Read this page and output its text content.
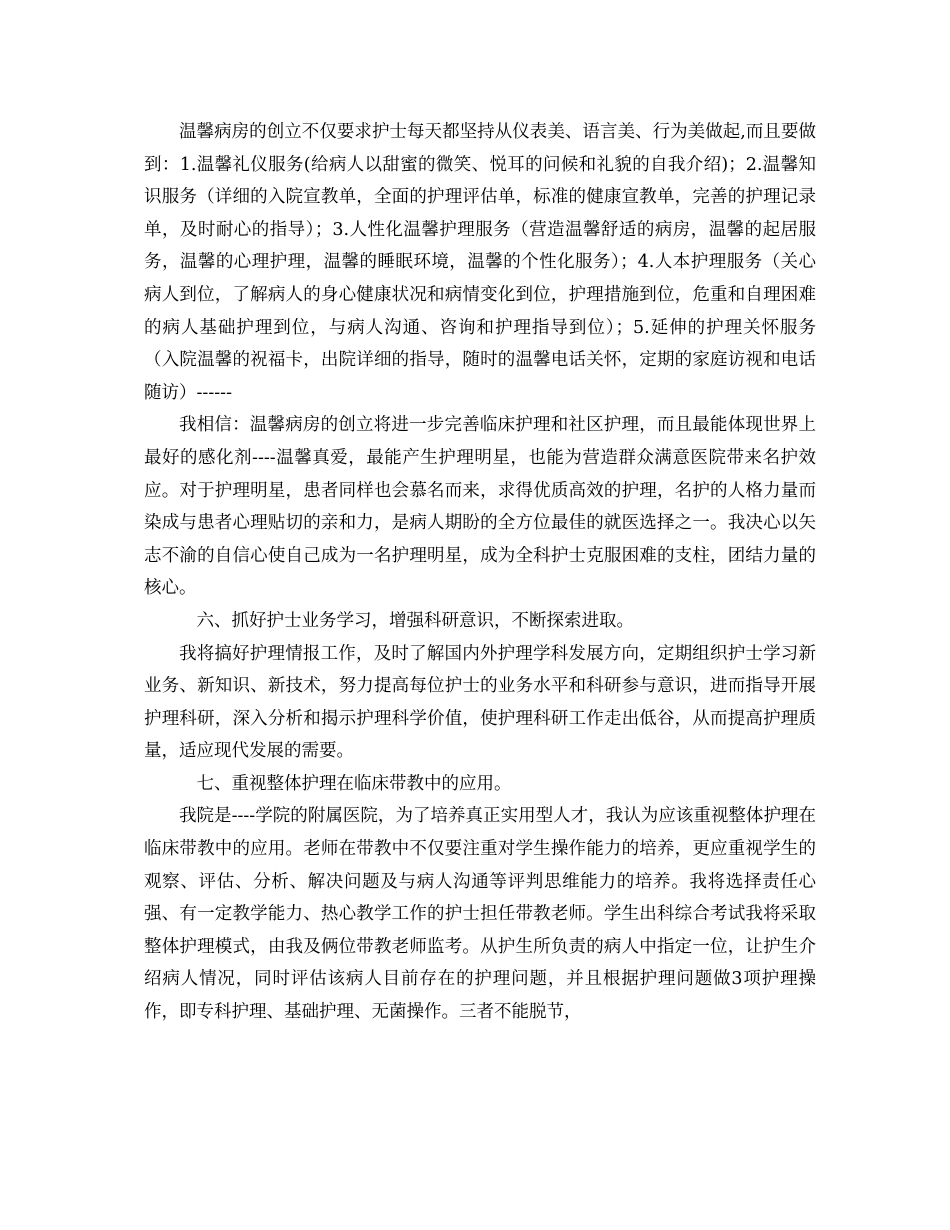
温馨病房的创立不仅要求护士每天都坚持从仪表美、语言美、行为美做起,而且要做到：1.温馨礼仪服务(给病人以甜蜜的微笑、悦耳的问候和礼貌的自我介绍)；2.温馨知识服务（详细的入院宣教单，全面的护理评估单，标准的健康宣教单，完善的护理记录单，及时耐心的指导）；3.人性化温馨护理服务（营造温馨舒适的病房，温馨的起居服务，温馨的心理护理，温馨的睡眠环境，温馨的个性化服务）；4.人本护理服务（关心病人到位，了解病人的身心健康状况和病情变化到位，护理措施到位，危重和自理困难的病人基础护理到位，与病人沟通、咨询和护理指导到位）；5.延伸的护理关怀服务（入院温馨的祝福卡，出院详细的指导，随时的温馨电话关怀，定期的家庭访视和电话随访）------

我相信：温馨病房的创立将进一步完善临床护理和社区护理，而且最能体现世界上最好的感化剂----温馨真爱，最能产生护理明星，也能为营造群众满意医院带来名护效应。对于护理明星，患者同样也会慕名而来，求得优质高效的护理，名护的人格力量而染成与患者心理贴切的亲和力，是病人期盼的全方位最佳的就医选择之一。我决心以矢志不渝的自信心使自己成为一名护理明星，成为全科护士克服困难的支柱，团结力量的核心。

六、抓好护士业务学习，增强科研意识，不断探索进取。

我将搞好护理情报工作，及时了解国内外护理学科发展方向，定期组织护士学习新业务、新知识、新技术，努力提高每位护士的业务水平和科研参与意识，进而指导开展护理科研，深入分析和揭示护理科学价值，使护理科研工作走出低谷，从而提高护理质量，适应现代发展的需要。

七、重视整体护理在临床带教中的应用。

我院是----学院的附属医院，为了培养真正实用型人才，我认为应该重视整体护理在临床带教中的应用。老师在带教中不仅要注重对学生操作能力的培养，更应重视学生的观察、评估、分析、解决问题及与病人沟通等评判思维能力的培养。我将选择责任心强、有一定教学能力、热心教学工作的护士担任带教老师。学生出科综合考试我将采取整体护理模式，由我及俩位带教老师监考。从护生所负责的病人中指定一位，让护生介绍病人情况，同时评估该病人目前存在的护理问题，并且根据护理问题做3项护理操作，即专科护理、基础护理、无菌操作。三者不能脱节，
